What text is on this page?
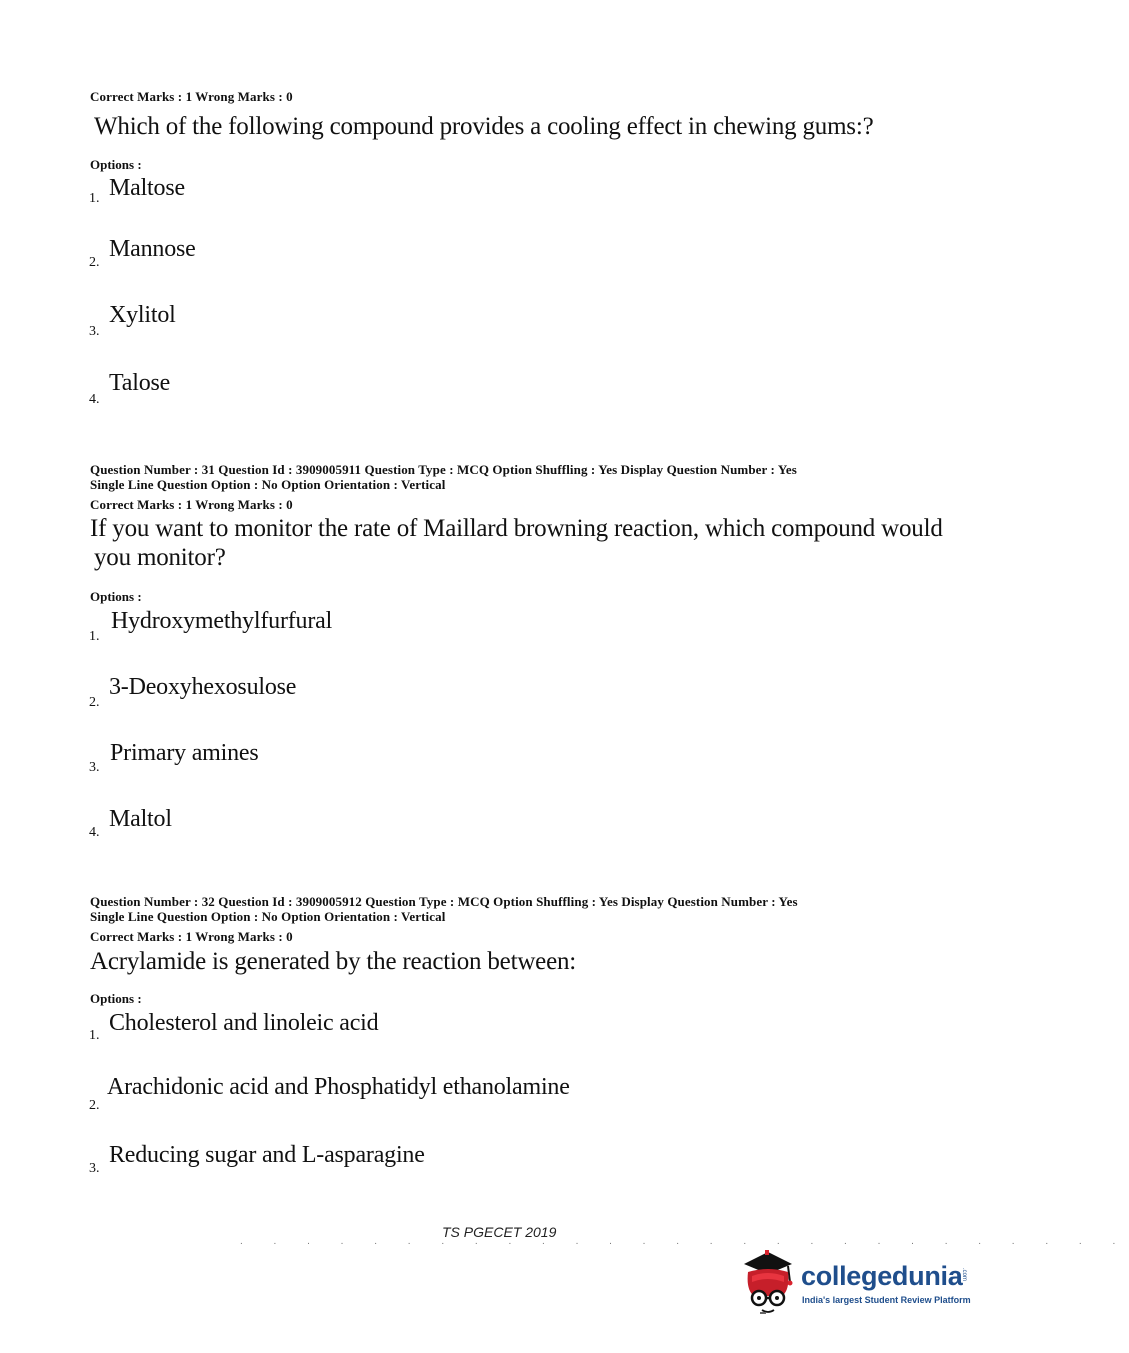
Correct Marks : 1 Wrong Marks : 0
Which of the following compound provides a cooling effect in chewing gums:?
Options :
1. Maltose
2.
Mannose
3.
Xylitol
4.
Talose
Question Number : 31 Question Id : 3909005911 Question Type : MCQ Option Shuffling : Yes Display Question Number : Yes
Single Line Question Option : No Option Orientation : Vertical
Correct Marks : 1 Wrong Marks : 0
If you want to monitor the rate of Maillard browning reaction, which compound would
you monitor?
Options :
1.
Hydroxymethylfurfural
2.
3-Deoxyhexosulose
3.
Primary amines
4.
Maltol
Question Number : 32 Question Id : 3909005912 Question Type : MCQ Option Shuffling : Yes Display Question Number : Yes
Single Line Question Option : No Option Orientation : Vertical
Correct Marks : 1 Wrong Marks : 0
Acrylamide is generated by the reaction between:
Options :
1. Cholesterol and linoleic acid
2.
Arachidonic acid and Phosphatidyl ethanolamine
3.
Reducing sugar and L-asparagine
TS PGECET 2019
. . . . . . . . . . . . . . . . . . . . . . . . . . .
collegedunia
.com
India's largest Student Review Platform
